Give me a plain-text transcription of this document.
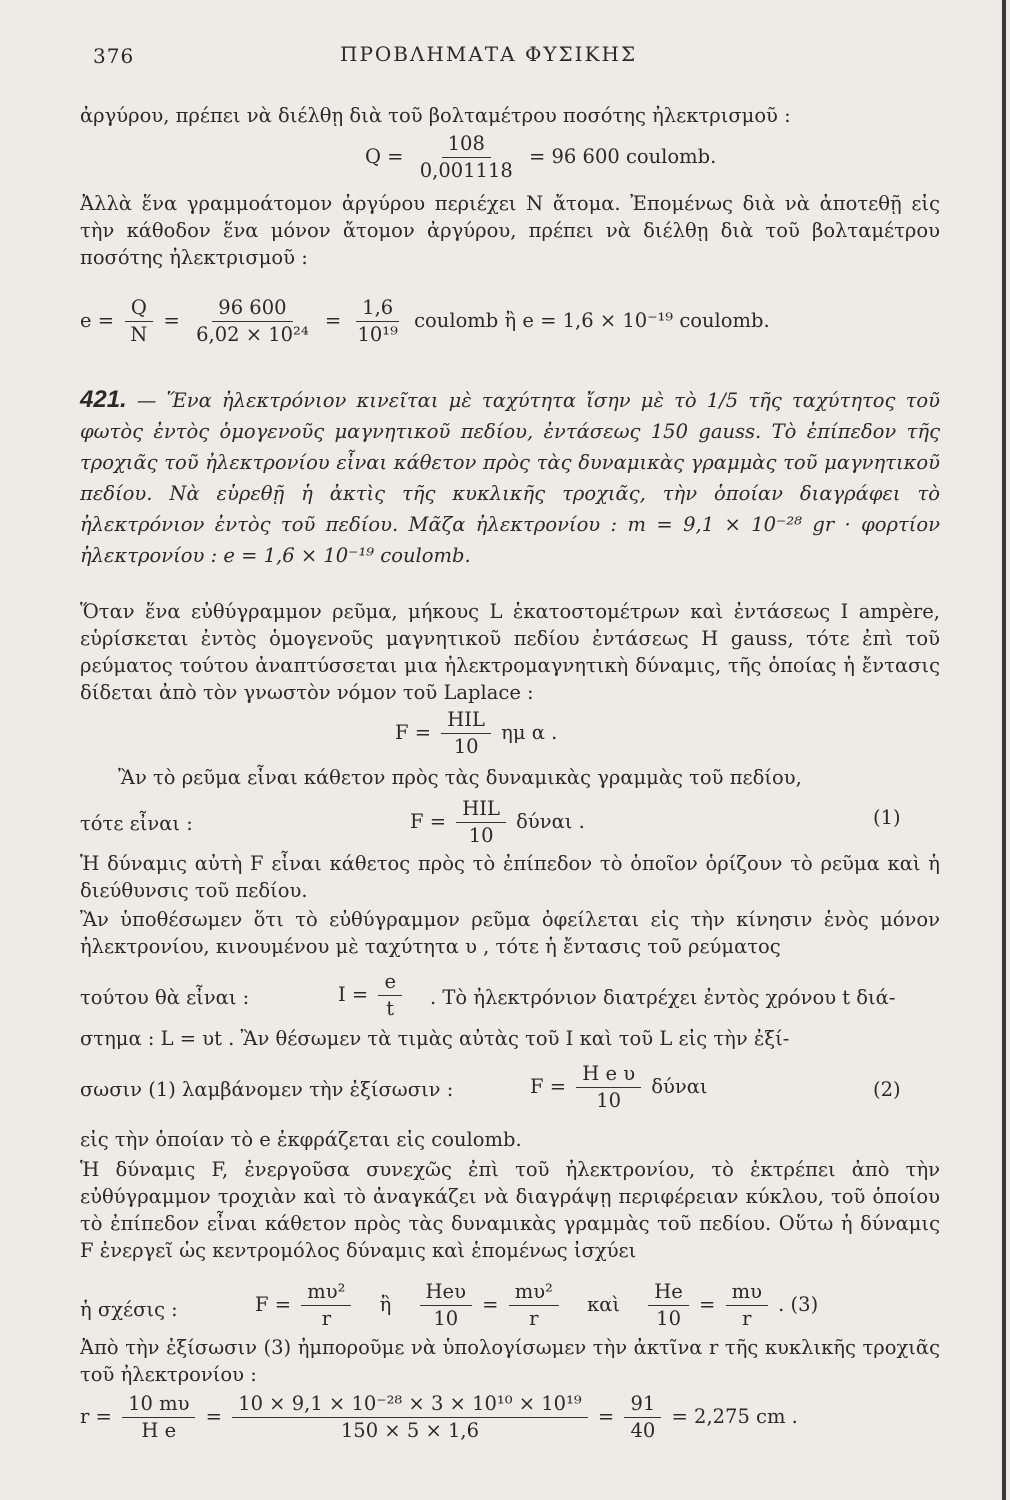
376	ΠΡΟΒΛΗΜΑΤΑ ΦΥΣΙΚΗΣ
ἀργύρου, πρέπει νὰ διέλθῃ διὰ τοῦ βολταμέτρου ποσότης ἠλεκτρισμοῦ :
$Q = \frac{108}{0,001118} = 96$ 600 coulomb.
Ἀλλὰ ἕνα γραμμοάτομον ἀργύρου περιέχει N ἄτομα. Ἐπομένως διὰ νὰ ἀποτεθῇ εἰς τὴν κάθοδον ἕνα μόνον ἄτομον ἀργύρου, πρέπει νὰ διέλθῃ διὰ τοῦ βολταμέτρου ποσότης ἠλεκτρισμοῦ :
$e = \frac{Q}{N} = \frac{96 600}{\text{6,02 × 10²⁴}} = \frac{1,6}{\text{10¹⁹}}$ coulomb ἢ e = 1,6 × 10⁻¹⁹ coulomb.
421. — Ἕνα ἠλεκτρόνιον κινεῖται μὲ ταχύτητα ἴσην μὲ τὸ 1/5 τῆς ταχύτητος τοῦ φωτὸς ἐντὸς ὁμογενοῦς μαγνητικοῦ πεδίου, ἐντάσεως 150 gauss. Τὸ ἐπίπεδον τῆς τροχιᾶς τοῦ ἠλεκτρονίου εἶναι κάθετον πρὸς τὰς δυναμικὰς γραμμὰς τοῦ μαγνητικοῦ πεδίου. Νὰ εὑρεθῇ ἡ ἀκτὶς τῆς κυκλικῆς τροχιᾶς, τὴν ὁποίαν διαγράφει τὸ ἠλεκτρόνιον ἐντὸς τοῦ πεδίου. Μᾶζα ἠλεκτρονίου : m = 9,1 × 10⁻²⁸ gr · φορτίον ἠλεκτρονίου : e = 1,6 × 10⁻¹⁹ coulomb.
Ὅταν ἕνα εὐθύγραμμον ρεῦμα, μήκους L ἑκατοστομέτρων καὶ ἐντάσεως I ampère, εὑρίσκεται ἐντὸς ὁμογενοῦς μαγνητικοῦ πεδίου ἐντάσεως H gauss, τότε ἐπὶ τοῦ ρεύματος τούτου ἀναπτύσσεται μια ἠλεκτρομαγνητικὴ δύναμις, τῆς ὁποίας ἡ ἔντασις δίδεται ἀπὸ τὸν γνωστὸν νόμον τοῦ Laplace :
$F = \frac{\text{HIL}}{10}$ ημ α .
Ἂν τὸ ρεῦμα εἶναι κάθετον πρὸς τὰς δυναμικὰς γραμμὰς τοῦ πεδίου,
τότε εἶναι :	$F = \frac{\text{HIL}}{10}$ δύναι .	(1)
Ἡ δύναμις αὐτὴ F εἶναι κάθετος πρὸς τὸ ἐπίπεδον τὸ ὁποῖον ὁρίζουν τὸ ρεῦμα καὶ ἡ διεύθυνσις τοῦ πεδίου.
Ἂν ὑποθέσωμεν ὅτι τὸ εὐθύγραμμον ρεῦμα ὀφείλεται εἰς τὴν κίνησιν ἑνὸς μόνον ἠλεκτρονίου, κινουμένου μὲ ταχύτητα υ , τότε ἡ ἔντασις τοῦ ρεύματος
τούτου θὰ εἶναι :	$I = \frac{e}{t}$ . Τὸ ἠλεκτρόνιον διατρέχει ἐντὸς χρόνου t διά-
στημα : L = υt . Ἂν θέσωμεν τὰ τιμὰς αὐτὰς τοῦ I καὶ τοῦ L εἰς τὴν ἐξί-
σωσιν (1) λαμβάνομεν τὴν ἐξίσωσιν :	$F = \frac{\text{H e υ}}{10}$ δύναι	(2)
εἰς τὴν ὁποίαν τὸ e ἐκφράζεται εἰς coulomb.
Ἡ δύναμις F, ἐνεργοῦσα συνεχῶς ἐπὶ τοῦ ἠλεκτρονίου, τὸ ἐκτρέπει ἀπὸ τὴν εὐθύγραμμον τροχιὰν καὶ τὸ ἀναγκάζει νὰ διαγράψῃ περιφέρειαν κύκλου, τοῦ ὁποίου τὸ ἐπίπεδον εἶναι κάθετον πρὸς τὰς δυναμικὰς γραμμὰς τοῦ πεδίου. Οὕτω ἡ δύναμις F ἐνεργεῖ ὡς κεντρομόλος δύναμις καὶ ἑπομένως ἰσχύει
ἡ σχέσις :	$F = \frac{\text{mυ²}}{r}$ ἢ $\frac{\text{Heυ}}{10} = \frac{\text{mυ²}}{r}$ καὶ $\frac{He}{10} = \frac{m\upsilon}{r}$ . (3)
Ἀπὸ τὴν ἐξίσωσιν (3) ἠμποροῦμε νὰ ὑπολογίσωμεν τὴν ἀκτῖνα r τῆς κυκλικῆς τροχιᾶς τοῦ ἠλεκτρονίου :
$r = \frac{10 m\upsilon}{\text{H e}} = \frac{\text{10 × 9,1 × 10⁻²⁸ × 3 × 10¹⁰ × 10¹⁹}}{150 \times 5 \times 1,6} = \frac{91}{40} = 2,275$ cm .
